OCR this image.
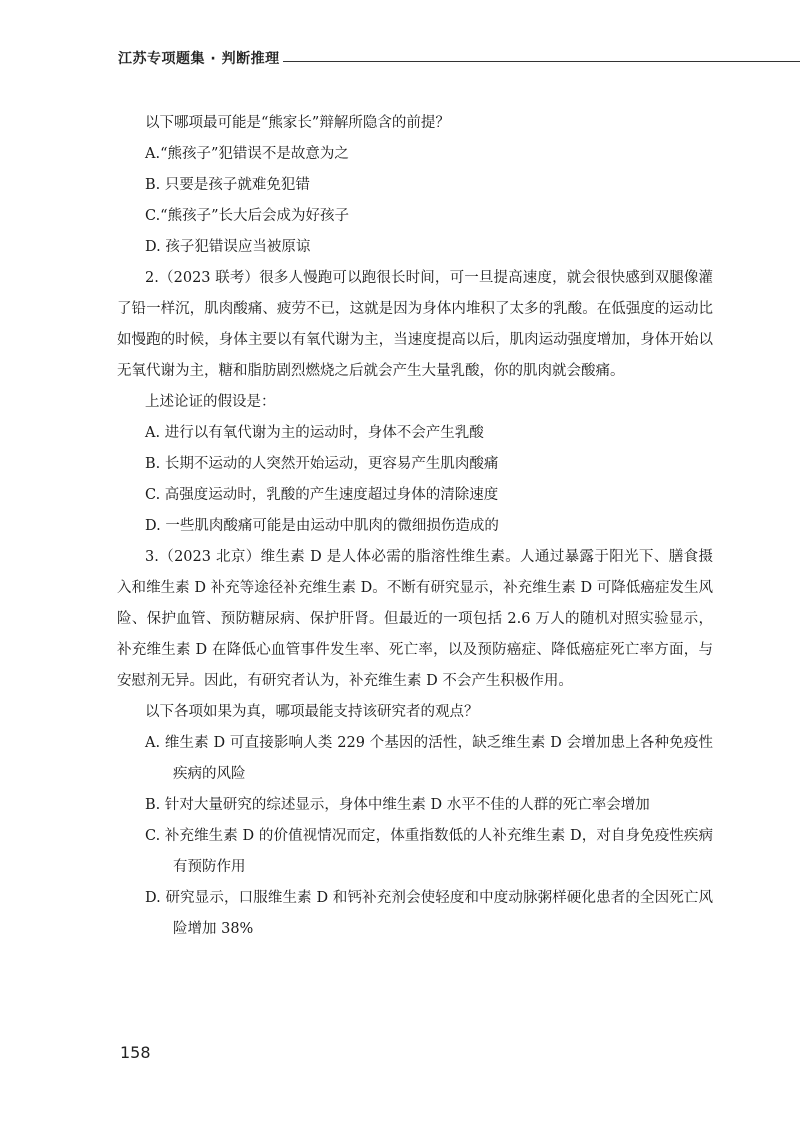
江苏专项题集 · 判断推理

以下哪项最可能是“熊家长”辩解所隐含的前提？

A.“熊孩子”犯错误不是故意为之

B. 只要是孩子就难免犯错

C.“熊孩子”长大后会成为好孩子

D. 孩子犯错误应当被原谅

2.（2023 联考）很多人慢跑可以跑很长时间，可一旦提高速度，就会很快感到双腿像灌了铅一样沉，肌肉酸痛、疲劳不已，这就是因为身体内堆积了太多的乳酸。在低强度的运动比如慢跑的时候，身体主要以有氧代谢为主，当速度提高以后，肌肉运动强度增加，身体开始以无氧代谢为主，糖和脂肪剧烈燃烧之后就会产生大量乳酸，你的肌肉就会酸痛。

上述论证的假设是：

A. 进行以有氧代谢为主的运动时，身体不会产生乳酸

B. 长期不运动的人突然开始运动，更容易产生肌肉酸痛

C. 高强度运动时，乳酸的产生速度超过身体的清除速度

D. 一些肌肉酸痛可能是由运动中肌肉的微细损伤造成的

3.（2023 北京）维生素 D 是人体必需的脂溶性维生素。人通过暴露于阳光下、膳食摄入和维生素 D 补充等途径补充维生素 D。不断有研究显示，补充维生素 D 可降低癌症发生风险、保护血管、预防糖尿病、保护肝肾。但最近的一项包括 2.6 万人的随机对照实验显示，补充维生素 D 在降低心血管事件发生率、死亡率，以及预防癌症、降低癌症死亡率方面，与安慰剂无异。因此，有研究者认为，补充维生素 D 不会产生积极作用。

以下各项如果为真，哪项最能支持该研究者的观点？

A. 维生素 D 可直接影响人类 229 个基因的活性，缺乏维生素 D 会增加患上各种免疫性疾病的风险

B. 针对大量研究的综述显示，身体中维生素 D 水平不佳的人群的死亡率会增加

C. 补充维生素 D 的价值视情况而定，体重指数低的人补充维生素 D，对自身免疫性疾病有预防作用

D. 研究显示，口服维生素 D 和钙补充剂会使轻度和中度动脉粥样硬化患者的全因死亡风险增加 38%

158
